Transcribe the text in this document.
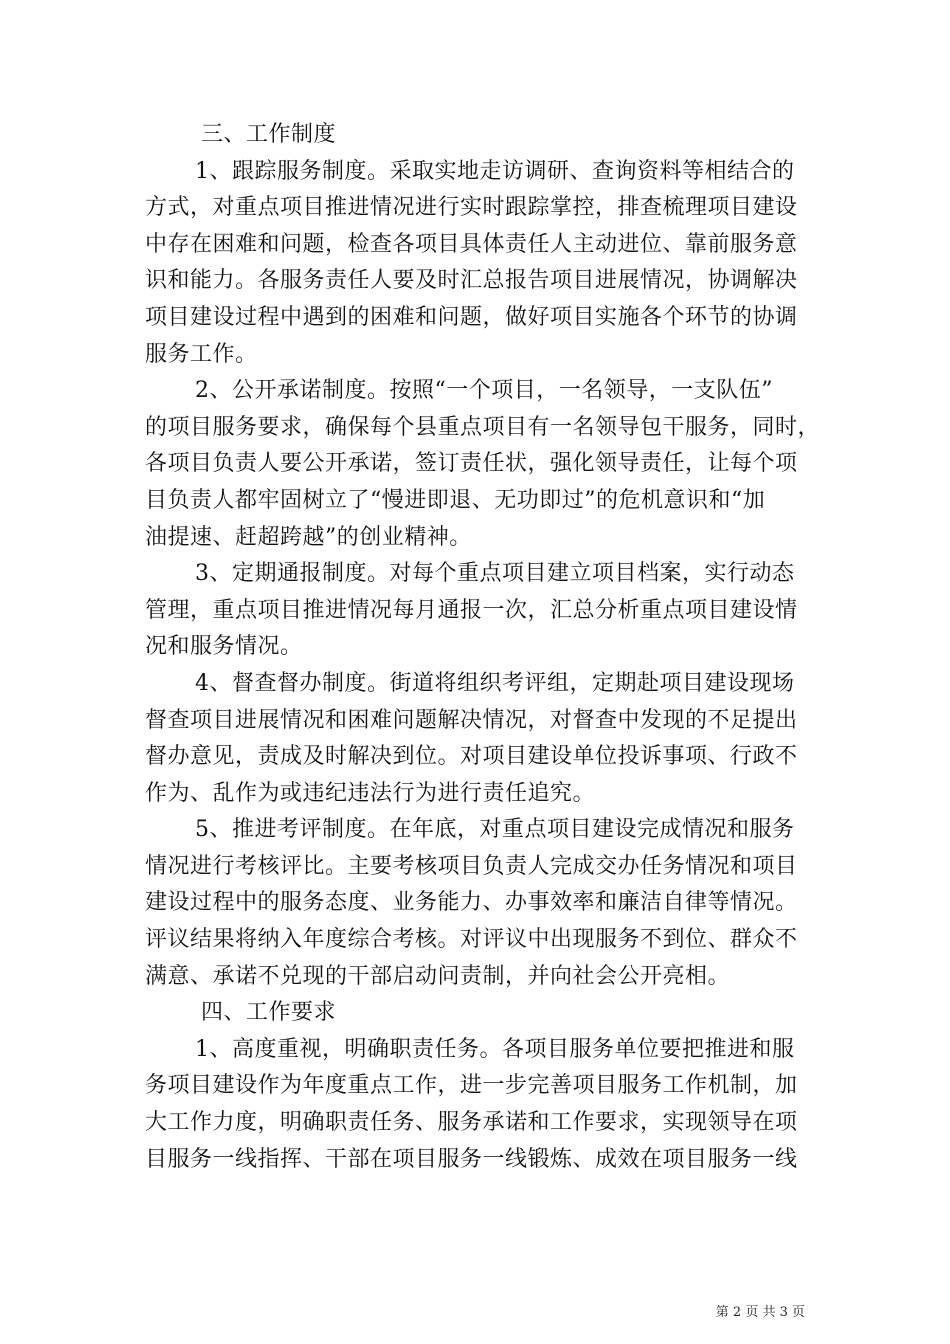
三、工作制度
1、跟踪服务制度。采取实地走访调研、查询资料等相结合的
方式，对重点项目推进情况进行实时跟踪掌控，排查梳理项目建设
中存在困难和问题，检查各项目具体责任人主动进位、靠前服务意
识和能力。各服务责任人要及时汇总报告项目进展情况，协调解决
项目建设过程中遇到的困难和问题，做好项目实施各个环节的协调
服务工作。
2、公开承诺制度。按照“一个项目，一名领导，一支队伍”
的项目服务要求，确保每个县重点项目有一名领导包干服务，同时，
各项目负责人要公开承诺，签订责任状，强化领导责任，让每个项
目负责人都牢固树立了“慢进即退、无功即过”的危机意识和“加
油提速、赶超跨越”的创业精神。
3、定期通报制度。对每个重点项目建立项目档案，实行动态
管理，重点项目推进情况每月通报一次，汇总分析重点项目建设情
况和服务情况。
4、督查督办制度。街道将组织考评组，定期赴项目建设现场
督查项目进展情况和困难问题解决情况，对督查中发现的不足提出
督办意见，责成及时解决到位。对项目建设单位投诉事项、行政不
作为、乱作为或违纪违法行为进行责任追究。
5、推进考评制度。在年底，对重点项目建设完成情况和服务
情况进行考核评比。主要考核项目负责人完成交办任务情况和项目
建设过程中的服务态度、业务能力、办事效率和廉洁自律等情况。
评议结果将纳入年度综合考核。对评议中出现服务不到位、群众不
满意、承诺不兑现的干部启动问责制，并向社会公开亮相。
四、工作要求
1、高度重视，明确职责任务。各项目服务单位要把推进和服
务项目建设作为年度重点工作，进一步完善项目服务工作机制，加
大工作力度，明确职责任务、服务承诺和工作要求，实现领导在项
目服务一线指挥、干部在项目服务一线锻炼、成效在项目服务一线
第 2 页 共 3 页
